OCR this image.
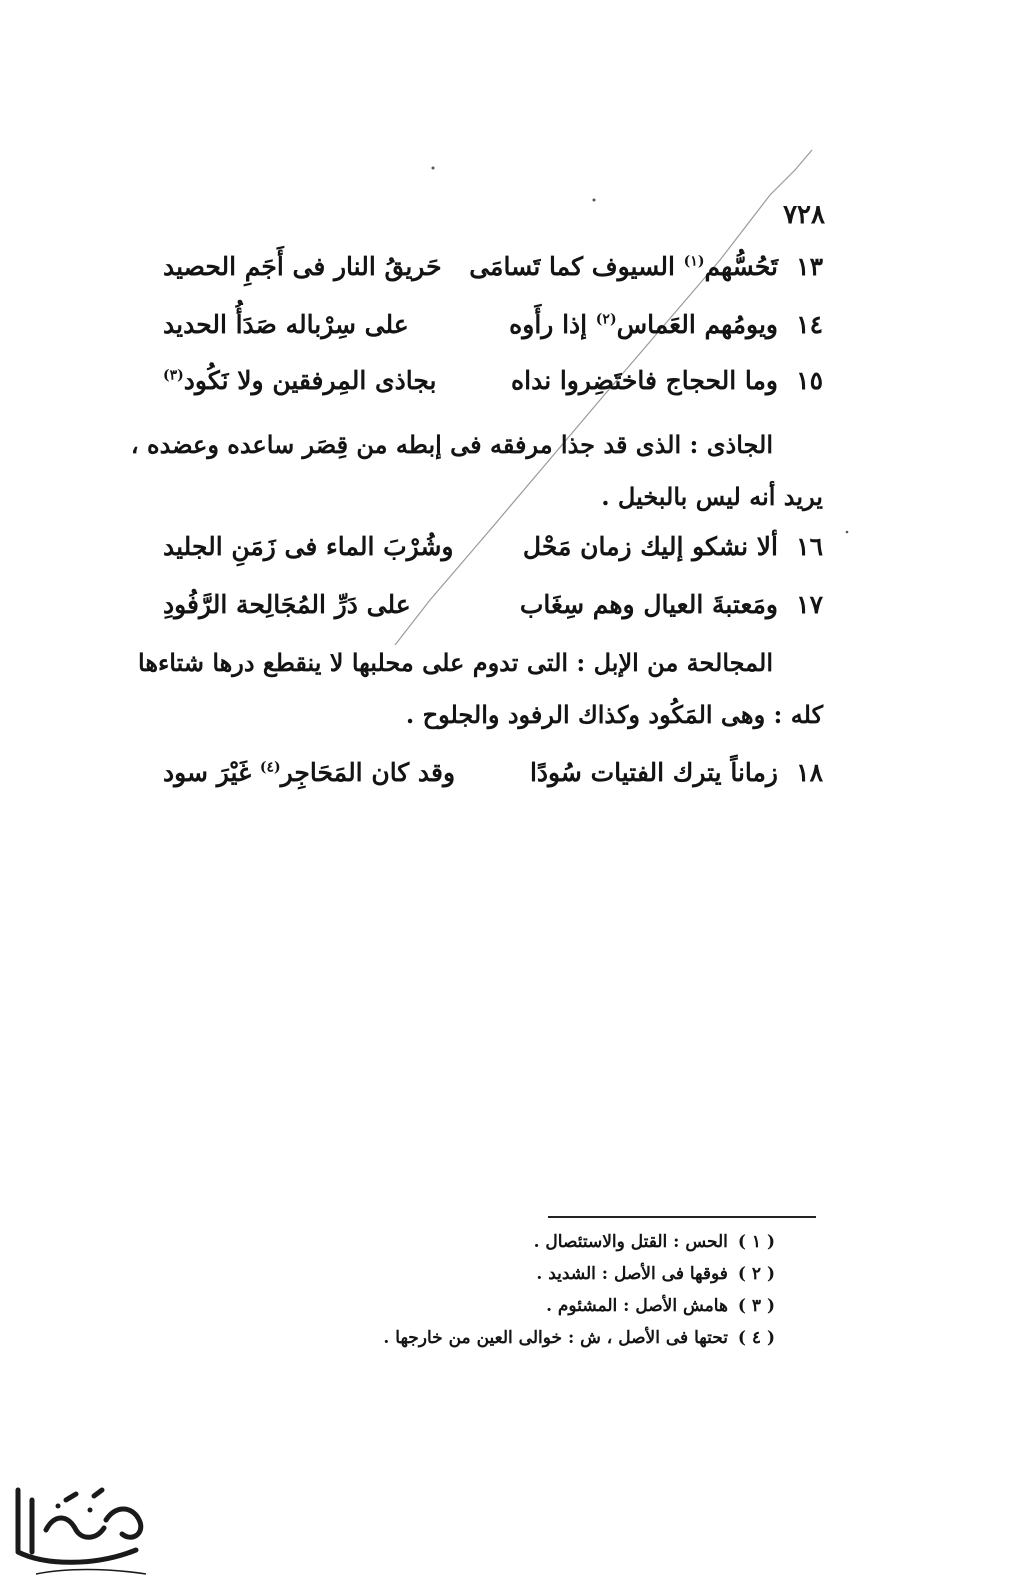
٧٢٨
١٣
تَحُسُّهم$^{(١)}$ السيوف كما تَسامَى
حَريقُ النار فى أَجَمِ الحصيد
١٤
ويومُهم العَماس$^{(٢)}$ إذا رأَوه
على سِرْباله صَدَأُ الحديد
١٥
وما الحجاج فاختَضِروا نداه
بجاذى المِرفقين ولا نَكُود$^{(٣)}$
الجاذى : الذى قد جذا مرفقه فى إبطه من قِصَر ساعده وعضده ،
يريد أنه ليس بالبخيل .
١٦
ألا نشكو إليك زمان مَحْل
وشُرْبَ الماء فى زَمَنِ الجليد
١٧
ومَعتبةَ العيال وهم سِغَاب
على دَرِّ المُجَالِحة الرَّفُودِ
المجالحة من الإبل : التى تدوم على محلبها لا ينقطع درها شتاءها
كله : وهى المَكُود وكذاك الرفود والجلوح .
١٨
زماناً يترك الفتيات سُودًا
وقد كان المَحَاجِر$^{(٤)}$ غَيْرَ سود
( ١ )الحس : القتل والاستئصال .
( ٢ )فوقها فى الأصل : الشديد .
( ٣ )هامش الأصل : المشئوم .
( ٤ )تحتها فى الأصل ، ش : خوالى العين من خارجها .
